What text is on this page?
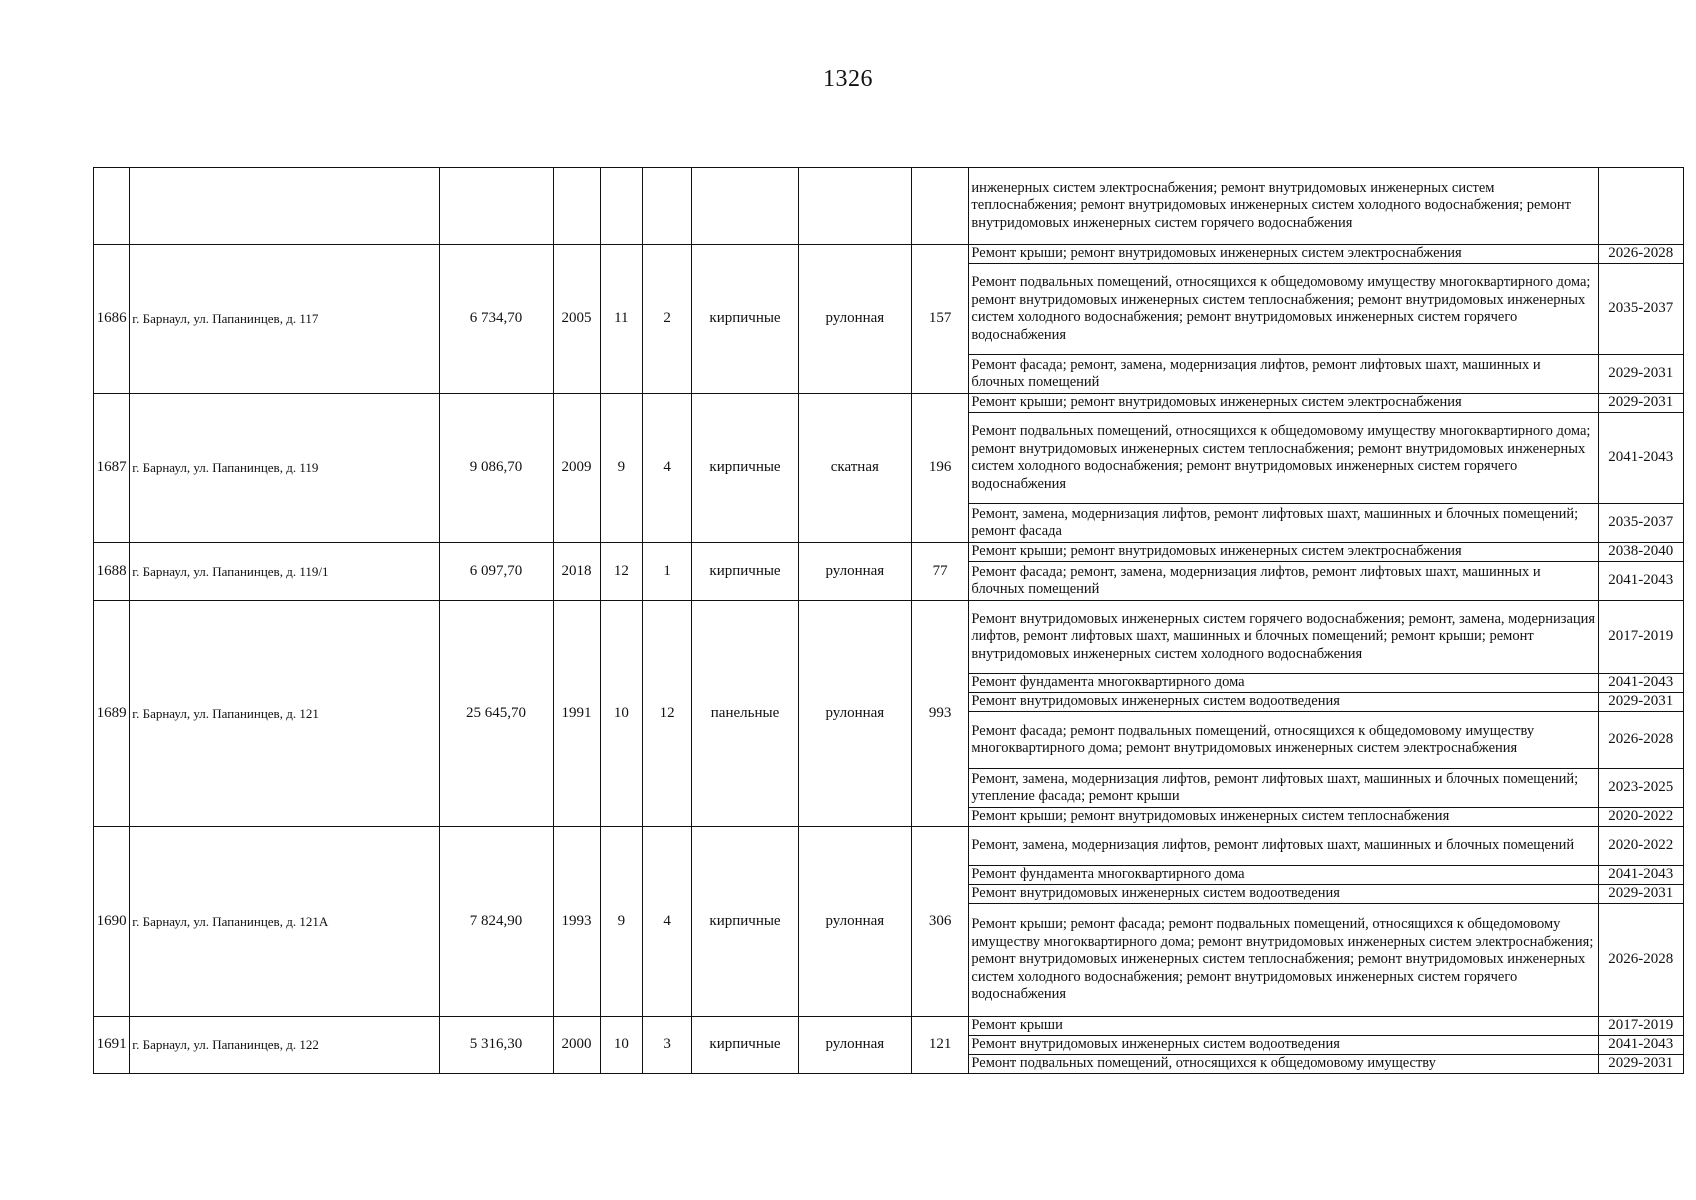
1326
									инженерных систем электроснабжения; ремонт внутридомовых инженерных систем теплоснабжения; ремонт внутридомовых инженерных систем холодного водоснабжения; ремонт внутридомовых инженерных систем горячего водоснабжения	
1686	г. Барнаул, ул. Папанинцев, д. 117	6 734,70	2005	11	2	кирпичные	рулонная	157	Ремонт крыши; ремонт внутридомовых инженерных систем электроснабжения	2026-2028
									Ремонт подвальных помещений, относящихся к общедомовому имуществу многоквартирного дома; ремонт внутридомовых инженерных систем теплоснабжения; ремонт внутридомовых инженерных систем холодного водоснабжения; ремонт внутридомовых инженерных систем горячего водоснабжения	2035-2037
									Ремонт фасада; ремонт, замена, модернизация лифтов, ремонт лифтовых шахт, машинных и блочных помещений	2029-2031
1687	г. Барнаул, ул. Папанинцев, д. 119	9 086,70	2009	9	4	кирпичные	скатная	196	Ремонт крыши; ремонт внутридомовых инженерных систем электроснабжения	2029-2031
									Ремонт подвальных помещений, относящихся к общедомовому имуществу многоквартирного дома; ремонт внутридомовых инженерных систем теплоснабжения; ремонт внутридомовых инженерных систем холодного водоснабжения; ремонт внутридомовых инженерных систем горячего водоснабжения	2041-2043
									Ремонт, замена, модернизация лифтов, ремонт лифтовых шахт, машинных и блочных помещений; ремонт фасада	2035-2037
1688	г. Барнаул, ул. Папанинцев, д. 119/1	6 097,70	2018	12	1	кирпичные	рулонная	77	Ремонт крыши; ремонт внутридомовых инженерных систем электроснабжения	2038-2040
									Ремонт фасада; ремонт, замена, модернизация лифтов, ремонт лифтовых шахт, машинных и блочных помещений	2041-2043
1689	г. Барнаул, ул. Папанинцев, д. 121	25 645,70	1991	10	12	панельные	рулонная	993	Ремонт внутридомовых инженерных систем горячего водоснабжения; ремонт, замена, модернизация лифтов, ремонт лифтовых шахт, машинных и блочных помещений; ремонт крыши; ремонт внутридомовых инженерных систем холодного водоснабжения	2017-2019
									Ремонт фундамента многоквартирного дома	2041-2043
									Ремонт внутридомовых инженерных систем водоотведения	2029-2031
									Ремонт фасада; ремонт подвальных помещений, относящихся к общедомовому имуществу многоквартирного дома; ремонт внутридомовых инженерных систем электроснабжения	2026-2028
									Ремонт, замена, модернизация лифтов, ремонт лифтовых шахт, машинных и блочных помещений; утепление фасада; ремонт крыши	2023-2025
									Ремонт крыши; ремонт внутридомовых инженерных систем теплоснабжения	2020-2022
1690	г. Барнаул, ул. Папанинцев, д. 121А	7 824,90	1993	9	4	кирпичные	рулонная	306	Ремонт, замена, модернизация лифтов, ремонт лифтовых шахт, машинных и блочных помещений	2020-2022
									Ремонт фундамента многоквартирного дома	2041-2043
									Ремонт внутридомовых инженерных систем водоотведения	2029-2031
									Ремонт крыши; ремонт фасада; ремонт подвальных помещений, относящихся к общедомовому имуществу многоквартирного дома; ремонт внутридомовых инженерных систем электроснабжения; ремонт внутридомовых инженерных систем теплоснабжения; ремонт внутридомовых инженерных систем холодного водоснабжения; ремонт внутридомовых инженерных систем горячего водоснабжения	2026-2028
1691	г. Барнаул, ул. Папанинцев, д. 122	5 316,30	2000	10	3	кирпичные	рулонная	121	Ремонт крыши	2017-2019
									Ремонт внутридомовых инженерных систем водоотведения	2041-2043
									Ремонт подвальных помещений, относящихся к общедомовому имуществу	2029-2031
